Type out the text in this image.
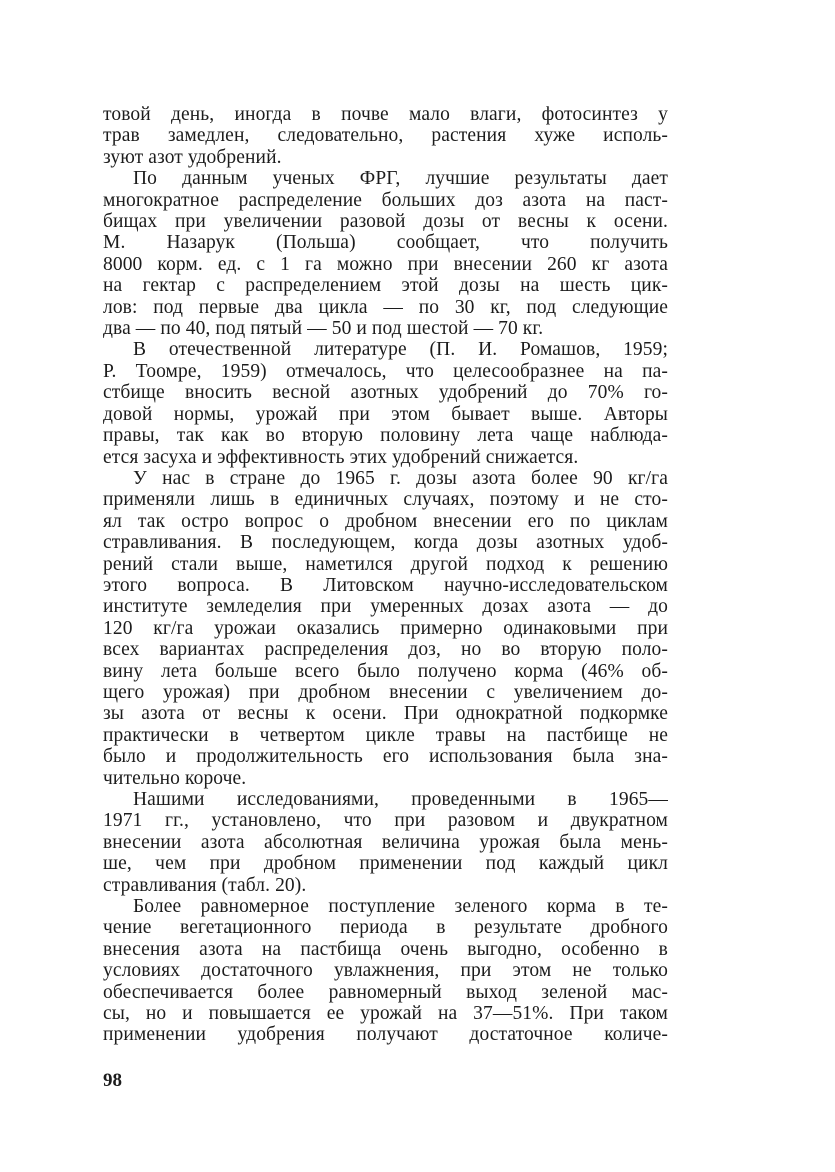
товой день, иногда в почве мало влаги, фотосинтез у
трав замедлен, следовательно, растения хуже исполь-
зуют азот удобрений.
По данным ученых ФРГ, лучшие результаты дает
многократное распределение больших доз азота на паст-
бищах при увеличении разовой дозы от весны к осени.
М. Назарук (Польша) сообщает, что получить
8000 корм. ед. с 1 га можно при внесении 260 кг азота
на гектар с распределением этой дозы на шесть цик-
лов: под первые два цикла — по 30 кг, под следующие
два — по 40, под пятый — 50 и под шестой — 70 кг.
В отечественной литературе (П. И. Ромашов, 1959;
Р. Тоомре, 1959) отмечалось, что целесообразнее на па-
стбище вносить весной азотных удобрений до 70% го-
довой нормы, урожай при этом бывает выше. Авторы
правы, так как во вторую половину лета чаще наблюда-
ется засуха и эффективность этих удобрений снижается.
У нас в стране до 1965 г. дозы азота более 90 кг/га
применяли лишь в единичных случаях, поэтому и не сто-
ял так остро вопрос о дробном внесении его по циклам
стравливания. В последующем, когда дозы азотных удоб-
рений стали выше, наметился другой подход к решению
этого вопроса. В Литовском научно-исследовательском
институте земледелия при умеренных дозах азота — до
120 кг/га урожаи оказались примерно одинаковыми при
всех вариантах распределения доз, но во вторую поло-
вину лета больше всего было получено корма (46% об-
щего урожая) при дробном внесении с увеличением до-
зы азота от весны к осени. При однократной подкормке
практически в четвертом цикле травы на пастбище не
было и продолжительность его использования была зна-
чительно короче.
Нашими исследованиями, проведенными в 1965—
1971 гг., установлено, что при разовом и двукратном
внесении азота абсолютная величина урожая была мень-
ше, чем при дробном применении под каждый цикл
стравливания (табл. 20).
Более равномерное поступление зеленого корма в те-
чение вегетационного периода в результате дробного
внесения азота на пастбища очень выгодно, особенно в
условиях достаточного увлажнения, при этом не только
обеспечивается более равномерный выход зеленой мас-
сы, но и повышается ее урожай на 37—51%. При таком
применении удобрения получают достаточное количе-
98
